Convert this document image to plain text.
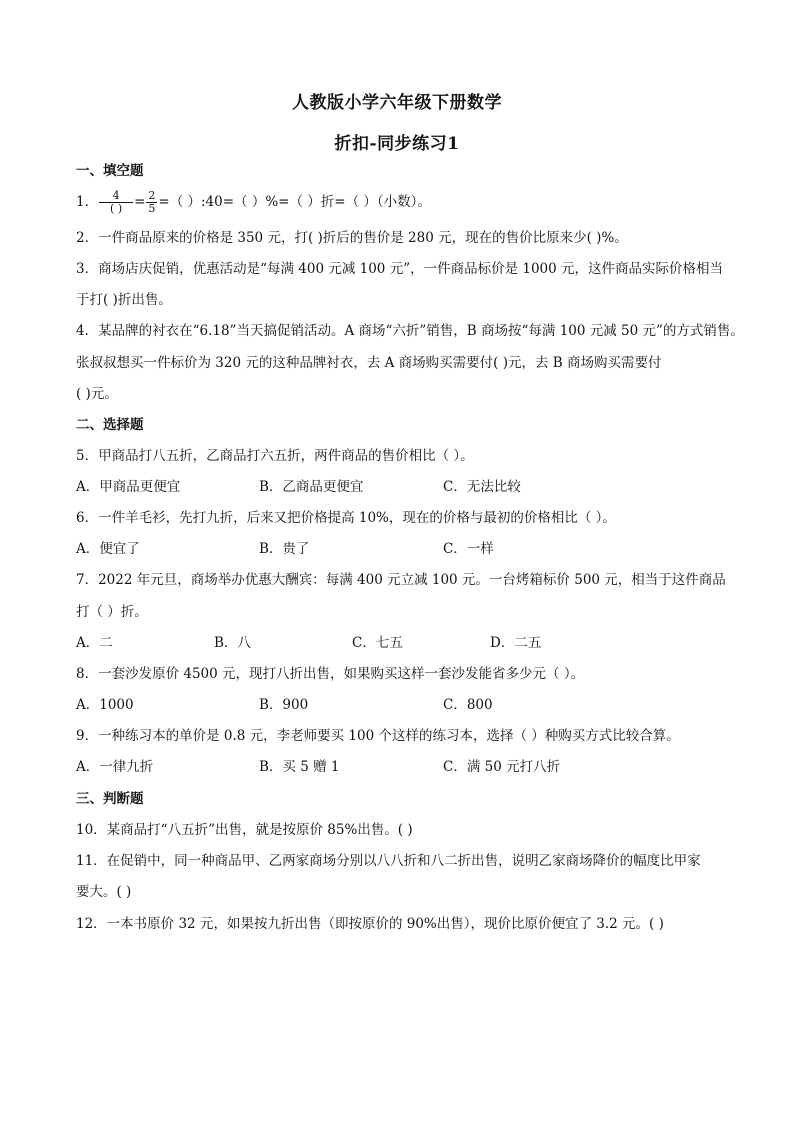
人教版小学六年级下册数学
折扣-同步练习1
一、填空题
1． $\frac{4}{( )} = \frac{2}{5}$ =（ ）:40=（ ）%=（ ）折=（ ）（小数）。
2．一件商品原来的价格是 350 元，打( )折后的售价是 280 元，现在的售价比原来少( )%。
3．商场店庆促销，优惠活动是“每满 400 元减 100 元”，一件商品标价是 1000 元，这件商品实际价格相当
于打( )折出售。
4．某品牌的衬衣在“6.18”当天搞促销活动。A 商场“六折”销售，B 商场按“每满 100 元减 50 元”的方式销售。
张叔叔想买一件标价为 320 元的这种品牌衬衣，去 A 商场购买需要付( )元，去 B 商场购买需要付
( )元。
二、选择题
5．甲商品打八五折，乙商品打六五折，两件商品的售价相比（ ）。
A．甲商品更便宜	B．乙商品更便宜	C．无法比较
6．一件羊毛衫，先打九折，后来又把价格提高 10%，现在的价格与最初的价格相比（ ）。
A．便宜了	B．贵了	C．一样
7．2022 年元旦，商场举办优惠大酬宾：每满 400 元立减 100 元。一台烤箱标价 500 元，相当于这件商品
打（ ）折。
A．二	B．八	C．七五	D．二五
8．一套沙发原价 4500 元，现打八折出售，如果购买这样一套沙发能省多少元（ ）。
A．1000	B．900	C．800
9．一种练习本的单价是 0.8 元，李老师要买 100 个这样的练习本，选择（ ）种购买方式比较合算。
A．一律九折	B．买 5 赠 1	C．满 50 元打八折
三、判断题
10．某商品打“八五折”出售，就是按原价 85%出售。( )
11．在促销中，同一种商品甲、乙两家商场分别以八八折和八二折出售，说明乙家商场降价的幅度比甲家
要大。( )
12．一本书原价 32 元，如果按九折出售（即按原价的 90%出售），现价比原价便宜了 3.2 元。( )
